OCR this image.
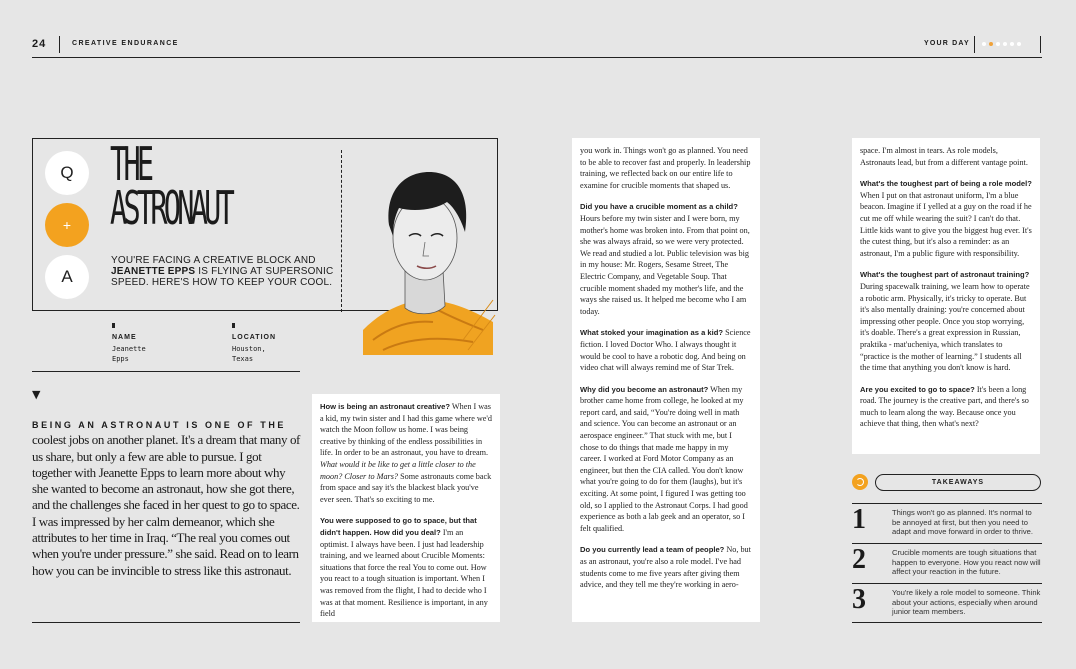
24	CREATIVE ENDURANCE	YOUR DAY
Q
+
A
THE
ASTRONAUT
YOU'RE FACING A CREATIVE BLOCK AND JEANETTE EPPS IS FLYING AT SUPERSONIC SPEED. HERE'S HOW TO KEEP YOUR COOL.
NAME
Jeanette
Epps
LOCATION
Houston,
Texas
▼
BEING AN ASTRONAUT IS ONE OF THE coolest jobs on another planet. It's a dream that many of us share, but only a few are able to pursue. I got together with Jeanette Epps to learn more about why she wanted to become an astronaut, how she got there, and the challenges she faced in her quest to go to space. I was impressed by her calm demeanor, which she attributes to her time in Iraq. “The real you comes out when you're under pressure.” she said. Read on to learn how you can be invincible to stress like this astronaut.

How is being an astronaut creative? When I was a kid, my twin sister and I had this game where we'd watch the Moon follow us home. I was being creative by thinking of the endless possibilities in life. In order to be an astronaut, you have to dream. What would it be like to get a little closer to the moon? Closer to Mars? Some astronauts come back from space and say it's the blackest black you've ever seen. That's so exciting to me.

You were supposed to go to space, but that didn't happen. How did you deal? I'm an optimist. I always have been. I just had leadership training, and we learned about Crucible Moments: situations that force the real You to come out. How you react to a tough situation is important. When I was removed from the flight, I had to decide who I was at that moment. Resilience is important, in any field

you work in. Things won't go as planned. You need to be able to recover fast and properly. In leadership training, we reflected back on our entire life to examine for crucible moments that shaped us.

Did you have a crucible moment as a child? Hours before my twin sister and I were born, my mother's home was broken into. From that point on, she was always afraid, so we were very protected. We read and studied a lot. Public television was big in my house: Mr. Rogers, Sesame Street, The Electric Company, and Vegetable Soup. That crucible moment shaded my mother's life, and the ways she raised us. It helped me become who I am today.

What stoked your imagination as a kid? Science fiction. I loved Doctor Who. I always thought it would be cool to have a robotic dog. And being on video chat will always remind me of Star Trek.

Why did you become an astronaut? When my brother came home from college, he looked at my report card, and said, “You're doing well in math and science. You can become an astronaut or an aerospace engineer.” That stuck with me, but I chose to do things that made me happy in my career. I worked at Ford Motor Company as an engineer, but then the CIA called. You don't know what you're going to do for them (laughs), but it's exciting. At some point, I figured I was getting too old, so I applied to the Astronaut Corps. I had good experience as both a lab geek and an operator, so I felt qualified.

Do you currently lead a team of people? No, but as an astronaut, you're also a role model. I've had students come to me five years after giving them advice, and they tell me they're working in aero-

space. I'm almost in tears. As role models, Astronauts lead, but from a different vantage point.

What's the toughest part of being a role model? When I put on that astronaut uniform, I'm a blue beacon. Imagine if I yelled at a guy on the road if he cut me off while wearing the suit? I can't do that. Little kids want to give you the biggest hug ever. It's the cutest thing, but it's also a reminder: as an astronaut, I'm a public figure with responsibility.

What's the toughest part of astronaut training? During spacewalk training, we learn how to operate a robotic arm. Physically, it's tricky to operate. But it's also mentally draining: you're concerned about impressing other people. Once you stop worrying, it's doable. There's a great expression in Russian, praktika - mat'ucheniya, which translates to “practice is the mother of learning.” I students all the time that anything you don't know is hard.

Are you excited to go to space? It's been a long road. The journey is the creative part, and there's so much to learn along the way. Because once you achieve that thing, then what's next?

TAKEAWAYS
1	Things won't go as planned. It's normal to be annoyed at first, but then you need to adapt and move forward in order to thrive.
2	Crucible moments are tough situations that happen to everyone. How you react now will affect your reaction in the future.
3	You're likely a role model to someone. Think about your actions, especially when around junior team members.
